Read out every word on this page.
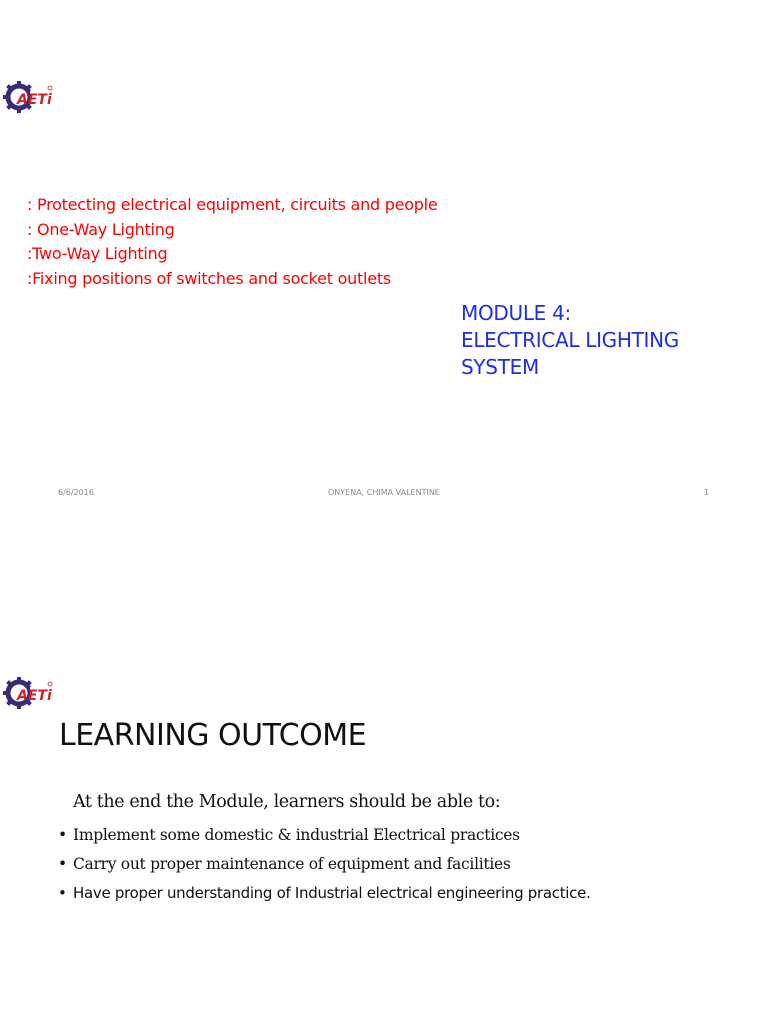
AETi
: Protecting electrical equipment, circuits and people
: One-Way Lighting
:Two-Way Lighting
:Fixing positions of switches and socket outlets
MODULE 4:
ELECTRICAL LIGHTING
SYSTEM
6/6/2016	ONYENA, CHIMA VALENTINE	1
AETi
LEARNING OUTCOME
At the end the Module, learners should be able to:
• Implement some domestic & industrial Electrical practices
• Carry out proper maintenance of equipment and facilities
• Have proper understanding of Industrial electrical engineering practice.
